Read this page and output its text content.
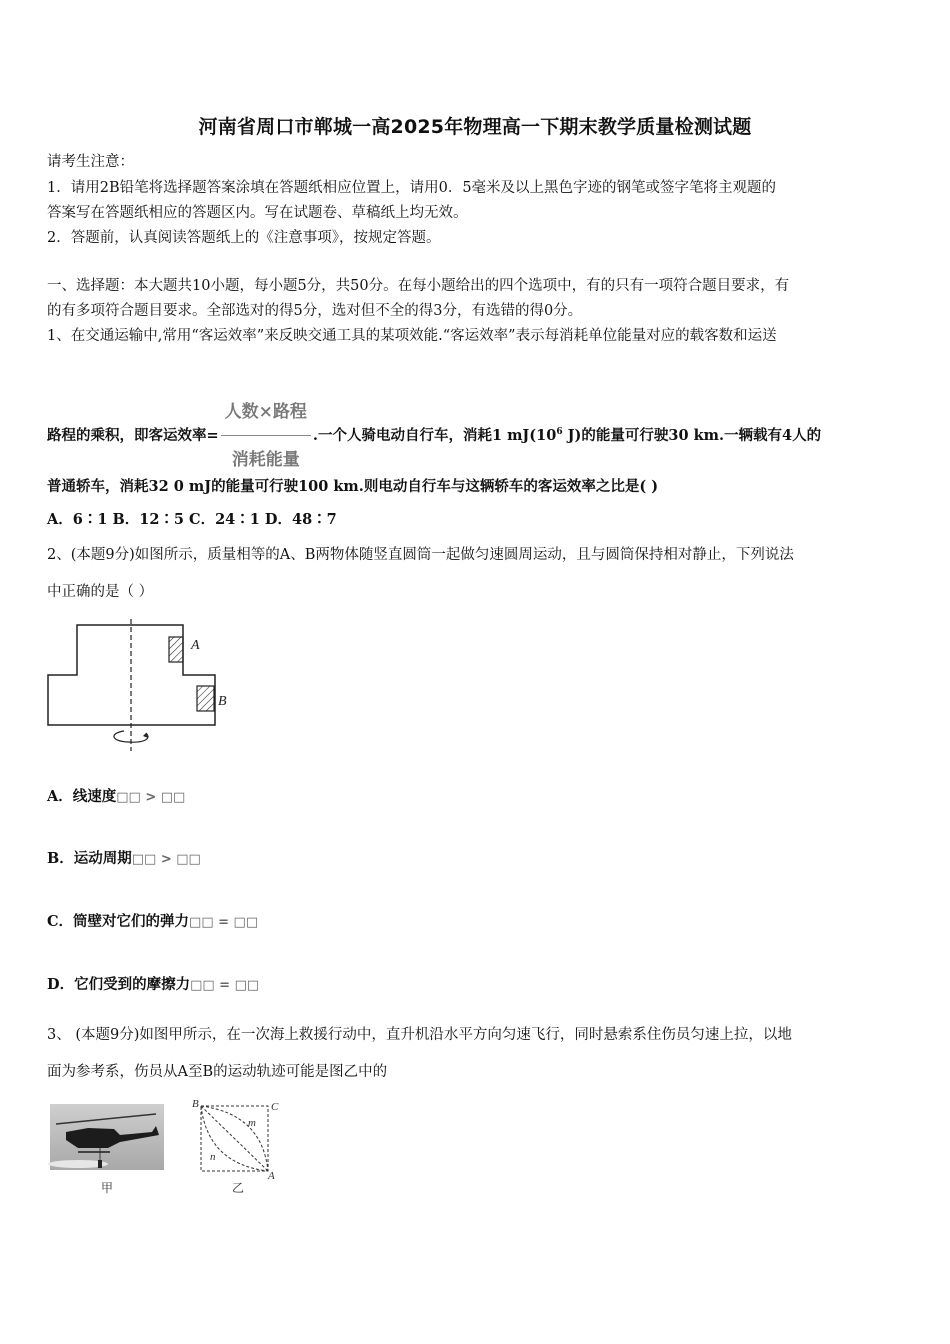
河南省周口市郸城一高2025年物理高一下期末教学质量检测试题
请考生注意：
1．请用2B铅笔将选择题答案涂填在答题纸相应位置上，请用0．5毫米及以上黑色字迹的钢笔或签字笔将主观题的
答案写在答题纸相应的答题区内。写在试题卷、草稿纸上均无效。
2．答题前，认真阅读答题纸上的《注意事项》，按规定答题。
一、选择题：本大题共10小题，每小题5分，共50分。在每小题给出的四个选项中，有的只有一项符合题目要求，有
的有多项符合题目要求。全部选对的得5分，选对但不全的得3分，有选错的得0分。
1、在交通运输中,常用“客运效率”来反映交通工具的某项效能.“客运效率”表示每消耗单位能量对应的载客数和运送
路程的乘积，即客运效率= $\frac{\text{人数×路程}}{\text{消耗能量}}$ .一个人骑电动自行车，消耗1 $mJ(10^6$ J)的能量可行驶30 km.一辆载有4人的
普通轿车，消耗32 0 mJ的能量可行驶100 km.则电动自行车与这辆轿车的客运效率之比是( )
A．6∶1 B．12∶5 C．24∶1 D．48∶7
2、(本题9分)如图所示，质量相等的A、B两物体随竖直圆筒一起做匀速圆周运动，且与圆筒保持相对静止，下列说法
中正确的是（ ）
A
B
A．线速度□□ > □□
B．运动周期□□ > □□
C．筒壁对它们的弹力□□ = □□
D．它们受到的摩擦力□□ = □□
3、 (本题9分)如图甲所示，在一次海上救援行动中，直升机沿水平方向匀速飞行，同时悬索系住伤员匀速上拉，以地
面为参考系，伤员从A至B的运动轨迹可能是图乙中的
甲
B	C
A
m
n
乙
